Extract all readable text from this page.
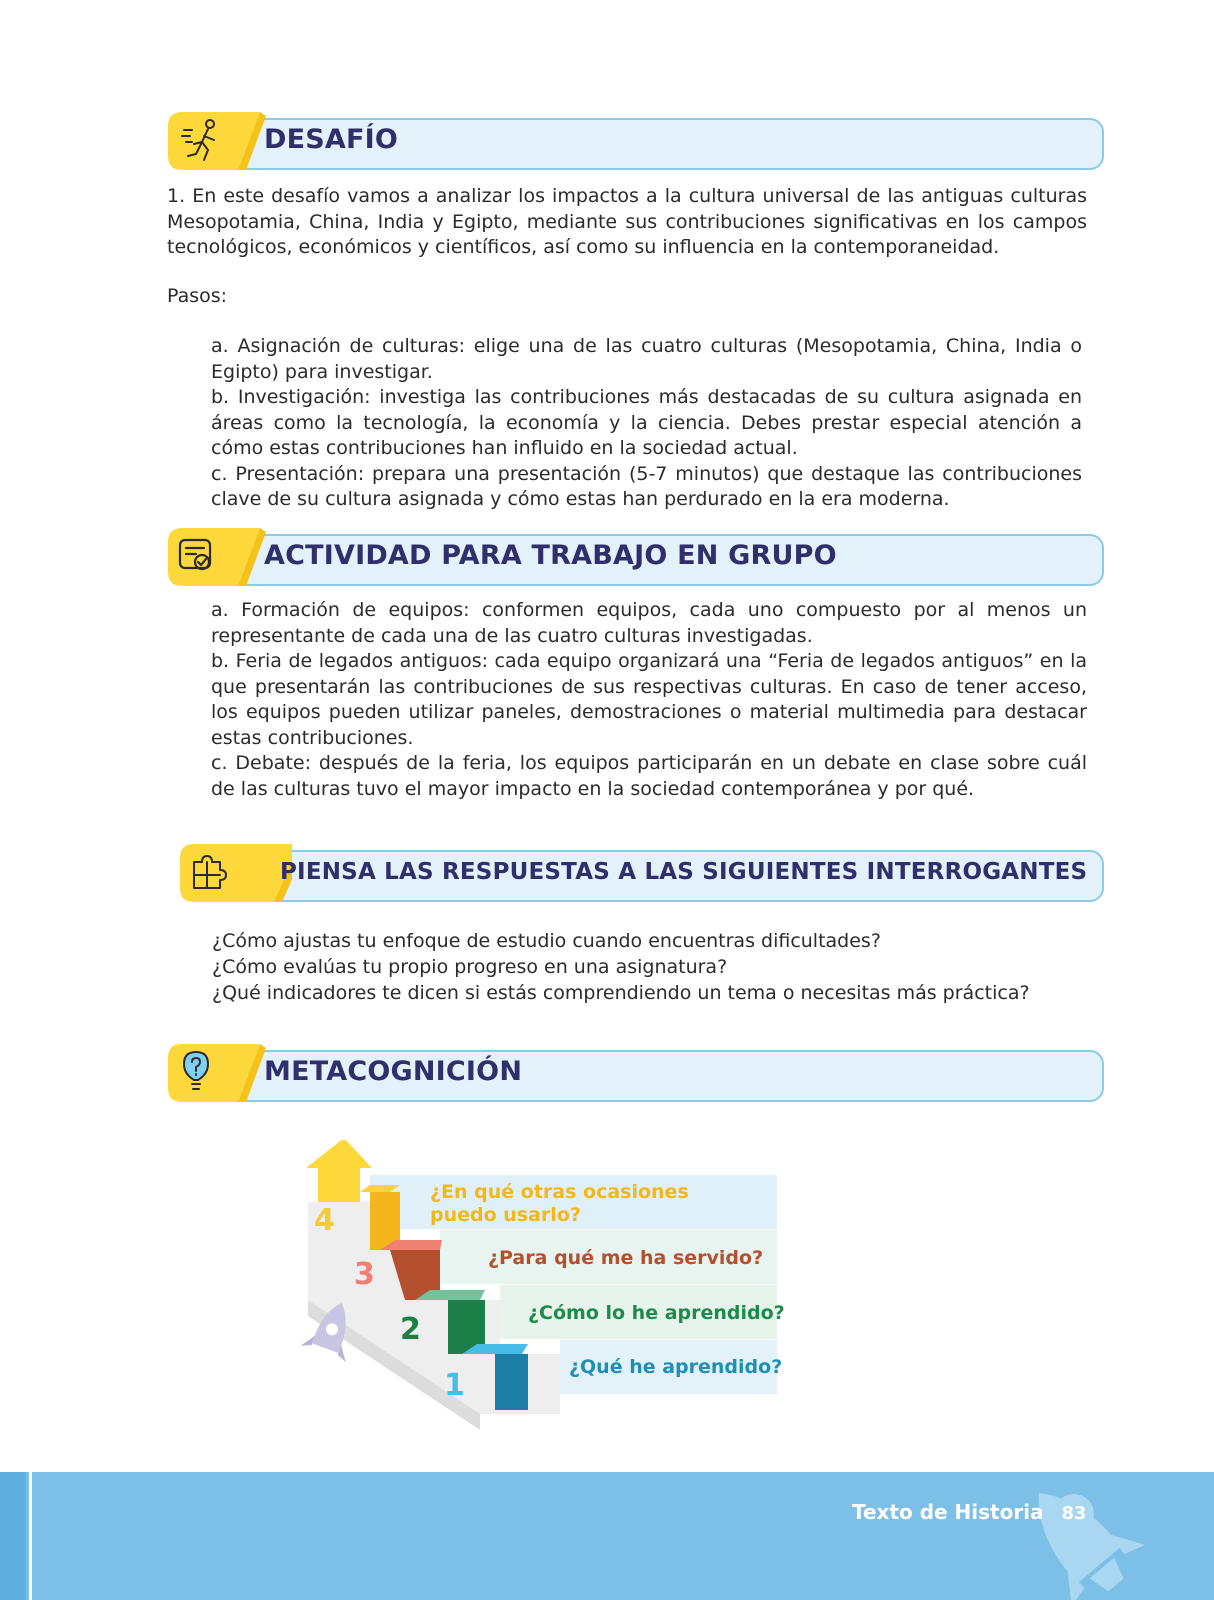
DESAFÍO

1. En este desafío vamos a analizar los impactos a la cultura universal de las antiguas culturas Mesopotamia, China, India y Egipto, mediante sus contribuciones significativas en los campos tecnológicos, económicos y científicos, así como su influencia en la contemporaneidad.

Pasos:

a. Asignación de culturas: elige una de las cuatro culturas (Mesopotamia, China, India o Egipto) para investigar.

b. Investigación: investiga las contribuciones más destacadas de su cultura asignada en áreas como la tecnología, la economía y la ciencia. Debes prestar especial atención a cómo estas contribuciones han influido en la sociedad actual.

c. Presentación: prepara una presentación (5-7 minutos) que destaque las contribuciones clave de su cultura asignada y cómo estas han perdurado en la era moderna.

ACTIVIDAD PARA TRABAJO EN GRUPO

a. Formación de equipos: conformen equipos, cada uno compuesto por al menos un representante de cada una de las cuatro culturas investigadas.

b. Feria de legados antiguos: cada equipo organizará una “Feria de legados antiguos” en la que presentarán las contribuciones de sus respectivas culturas. En caso de tener acceso, los equipos pueden utilizar paneles, demostraciones o material multimedia para destacar estas contribuciones.

c. Debate: después de la feria, los equipos participarán en un debate en clase sobre cuál de las culturas tuvo el mayor impacto en la sociedad contemporánea y por qué.

PIENSA LAS RESPUESTAS A LAS SIGUIENTES INTERROGANTES
¿Cómo ajustas tu enfoque de estudio cuando encuentras dificultades?
¿Cómo evalúas tu propio progreso en una asignatura?
¿Qué indicadores te dicen si estás comprendiendo un tema o necesitas más práctica?
METACOGNICIÓN
4
3
2
1
¿En qué otras ocasiones puedo usarlo?
¿Para qué me ha servido?
¿Cómo lo he aprendido?
¿Qué he aprendido?
Texto de Historia 83
